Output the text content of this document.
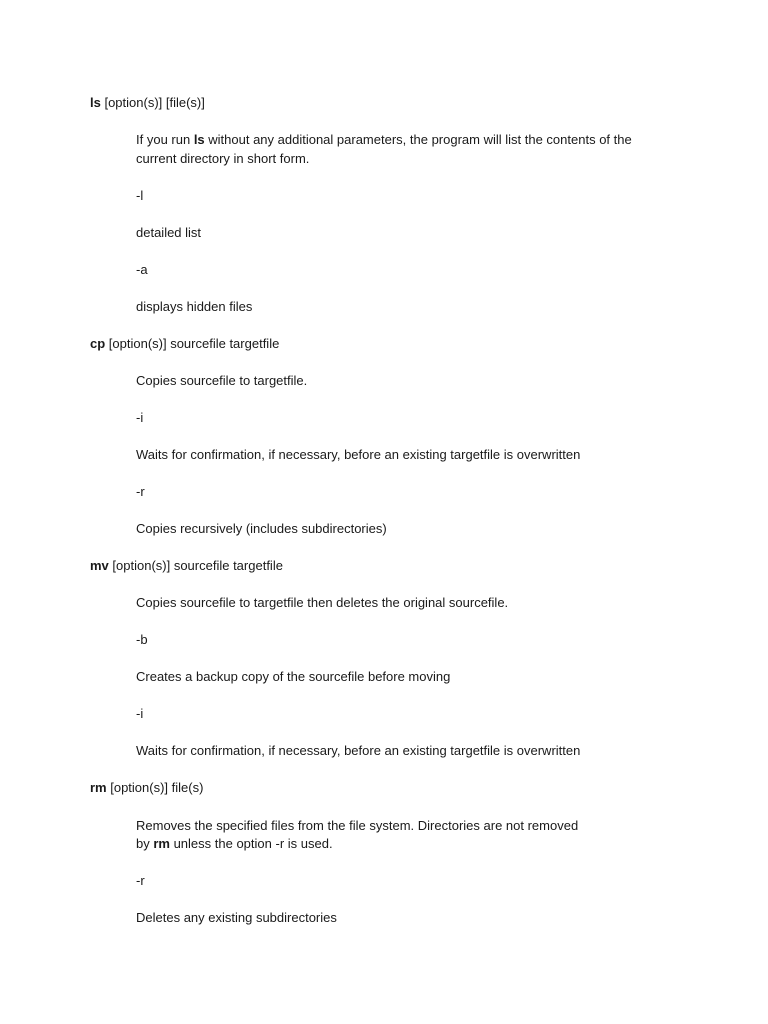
ls [option(s)] [file(s)]
If you run ls without any additional parameters, the program will list the contents of the
current directory in short form.
-l
detailed list
-a
displays hidden files
cp [option(s)] sourcefile targetfile
Copies sourcefile to targetfile.
-i
Waits for confirmation, if necessary, before an existing targetfile is overwritten
-r
Copies recursively (includes subdirectories)
mv [option(s)] sourcefile targetfile
Copies sourcefile to targetfile then deletes the original sourcefile.
-b
Creates a backup copy of the sourcefile before moving
-i
Waits for confirmation, if necessary, before an existing targetfile is overwritten
rm [option(s)] file(s)
Removes the specified files from the file system. Directories are not removed
by rm unless the option -r is used.
-r
Deletes any existing subdirectories
